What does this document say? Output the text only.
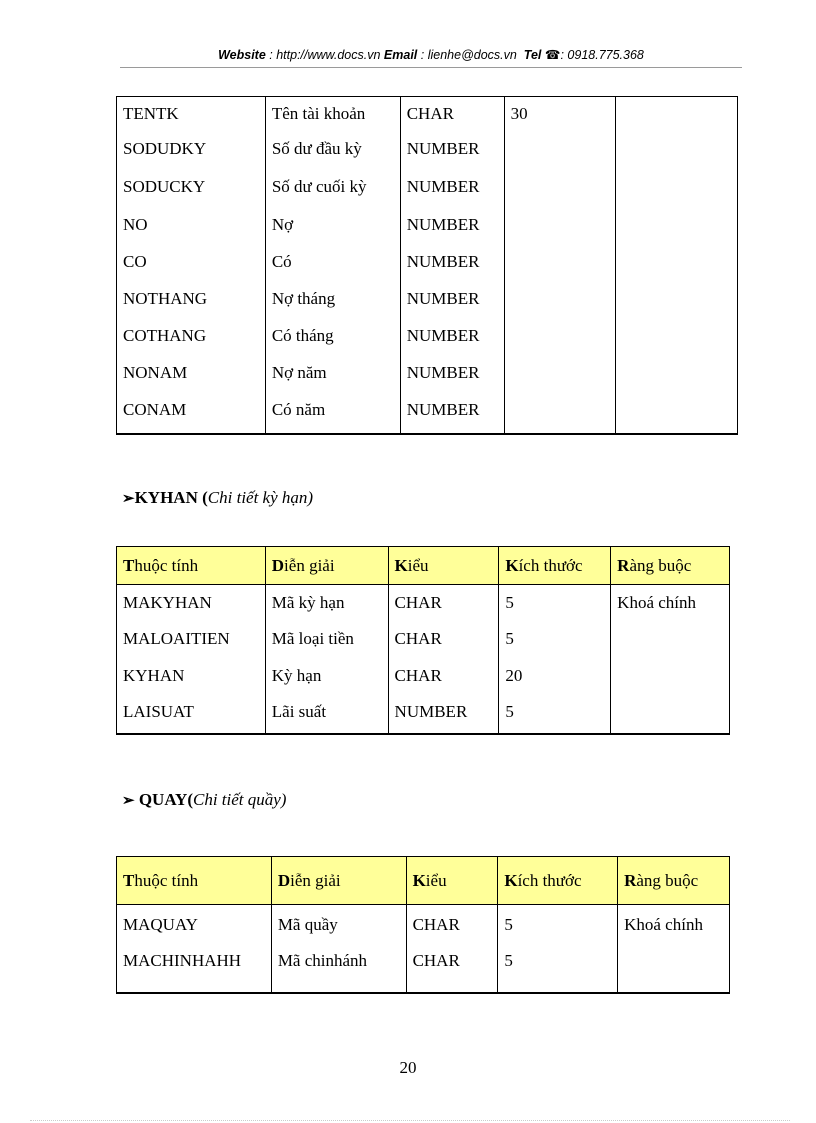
Website : http://www.docs.vn Email : lienhe@docs.vn Tel ☎: 0918.775.368
TENTK	Tên tài khoản	CHAR	30	
SODUDKY	Số dư đầu kỳ	NUMBER		
SODUCKY	Số dư cuối kỳ	NUMBER		
NO	Nợ	NUMBER		
CO	Có	NUMBER		
NOTHANG	Nợ tháng	NUMBER		
COTHANG	Có tháng	NUMBER		
NONAM	Nợ năm	NUMBER		
CONAM	Có năm	NUMBER		
➢KYHAN (Chi tiết kỳ hạn)
Thuộc tính	Diễn giải	Kiểu	Kích thước	Ràng buộc
MAKYHAN	Mã kỳ hạn	CHAR	5	Khoá chính
MALOAITIEN	Mã loại tiền	CHAR	5	
KYHAN	Kỳ hạn	CHAR	20	
LAISUAT	Lãi suất	NUMBER	5	
➢ QUAY(Chi tiết quầy)
Thuộc tính	Diễn giải	Kiểu	Kích thước	Ràng buộc
MAQUAY	Mã quầy	CHAR	5	Khoá chính
MACHINHAHH	Mã chinhánh	CHAR	5	
20
